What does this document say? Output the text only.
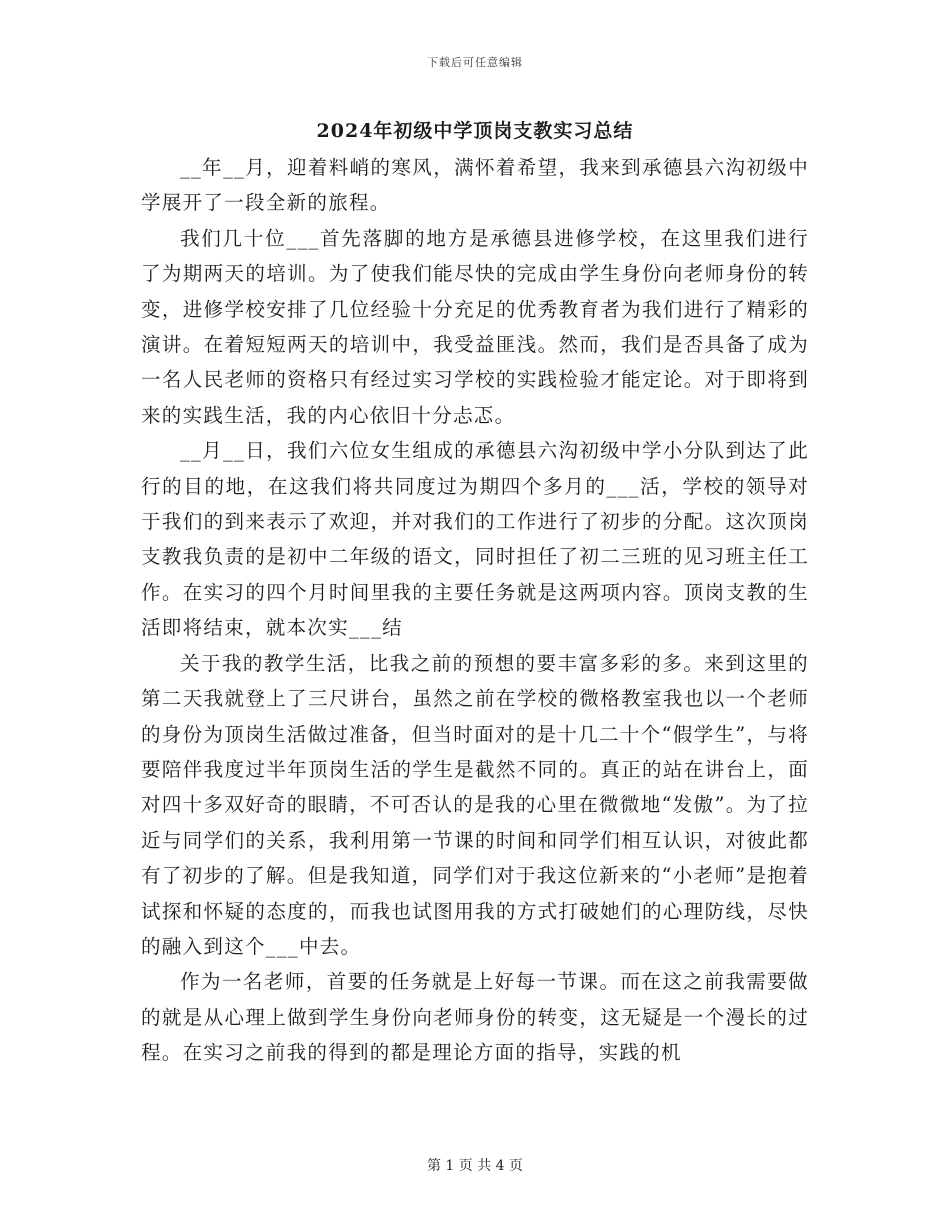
下载后可任意编辑
2024年初级中学顶岗支教实习总结

__年__月，迎着料峭的寒风，满怀着希望，我来到承德县六沟初级中学展开了一段全新的旅程。

我们几十位___首先落脚的地方是承德县进修学校，在这里我们进行了为期两天的培训。为了使我们能尽快的完成由学生身份向老师身份的转变，进修学校安排了几位经验十分充足的优秀教育者为我们进行了精彩的演讲。在着短短两天的培训中，我受益匪浅。然而，我们是否具备了成为一名人民老师的资格只有经过实习学校的实践检验才能定论。对于即将到来的实践生活，我的内心依旧十分忐忑。

__月__日，我们六位女生组成的承德县六沟初级中学小分队到达了此行的目的地，在这我们将共同度过为期四个多月的___活，学校的领导对于我们的到来表示了欢迎，并对我们的工作进行了初步的分配。这次顶岗支教我负责的是初中二年级的语文，同时担任了初二三班的见习班主任工作。在实习的四个月时间里我的主要任务就是这两项内容。顶岗支教的生活即将结束，就本次实___结

关于我的教学生活，比我之前的预想的要丰富多彩的多。来到这里的第二天我就登上了三尺讲台，虽然之前在学校的微格教室我也以一个老师的身份为顶岗生活做过准备，但当时面对的是十几二十个“假学生”，与将要陪伴我度过半年顶岗生活的学生是截然不同的。真正的站在讲台上，面对四十多双好奇的眼睛，不可否认的是我的心里在微微地“发傲”。为了拉近与同学们的关系，我利用第一节课的时间和同学们相互认识，对彼此都有了初步的了解。但是我知道，同学们对于我这位新来的“小老师”是抱着试探和怀疑的态度的，而我也试图用我的方式打破她们的心理防线，尽快的融入到这个___中去。

作为一名老师，首要的任务就是上好每一节课。而在这之前我需要做的就是从心理上做到学生身份向老师身份的转变，这无疑是一个漫长的过程。在实习之前我的得到的都是理论方面的指导，实践的机

第 1 页 共 4 页
